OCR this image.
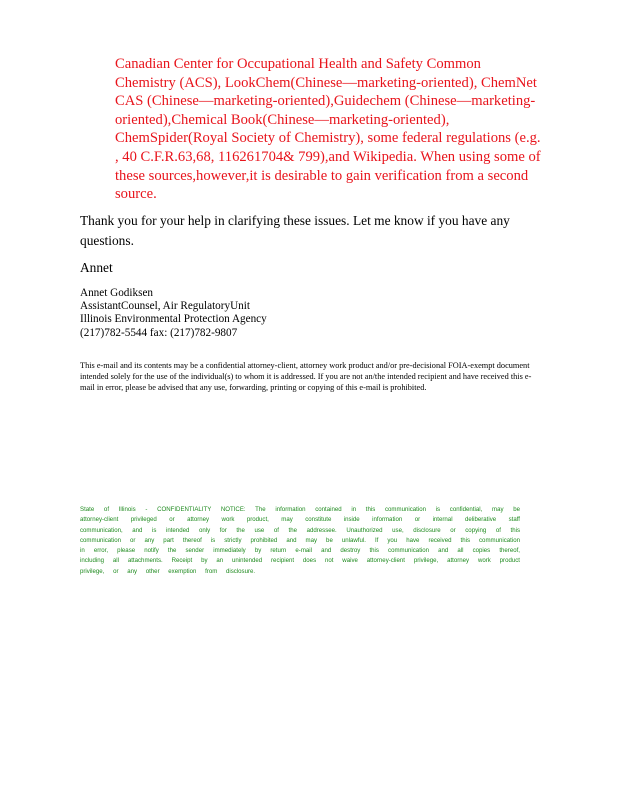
Canadian Center for Occupational Health and Safety Common Chemistry (ACS), LookChem(Chinese—marketing-oriented), ChemNet CAS (Chinese—marketing-oriented),Guidechem (Chinese—marketing-oriented),Chemical Book(Chinese—marketing-oriented), ChemSpider(Royal Society of Chemistry), some federal regulations (e.g. , 40 C.F.R.63,68, 116261704& 799),and Wikipedia. When using some of these sources,however,it is desirable to gain verification from a second source.

Thank you for your help in clarifying these issues. Let me know if you have any questions.

Annet

Annet Godiksen
AssistantCounsel, Air RegulatoryUnit
Illinois Environmental Protection Agency
(217)782-5544 fax: (217)782-9807

This e-mail and its contents may be a confidential attorney-client, attorney work product and/or pre-decisional FOIA-exempt document intended solely for the use of the individual(s) to whom it is addressed. If you are not an/the intended recipient and have received this e-mail in error, please be advised that any use, forwarding, printing or copying of this e-mail is prohibited.

State of Illinois - CONFIDENTIALITY NOTICE: The information contained in this communication is confidential, may be attorney-client privileged or attorney work product, may constitute inside information or internal deliberative staff communication, and is intended only for the use of the addressee. Unauthorized use, disclosure or copying of this communication or any part thereof is strictly prohibited and may be unlawful. If you have received this communication in error, please notify the sender immediately by return e-mail and destroy this communication and all copies thereof, including all attachments. Receipt by an unintended recipient does not waive attorney-client privilege, attorney work product privilege, or any other exemption from disclosure.
